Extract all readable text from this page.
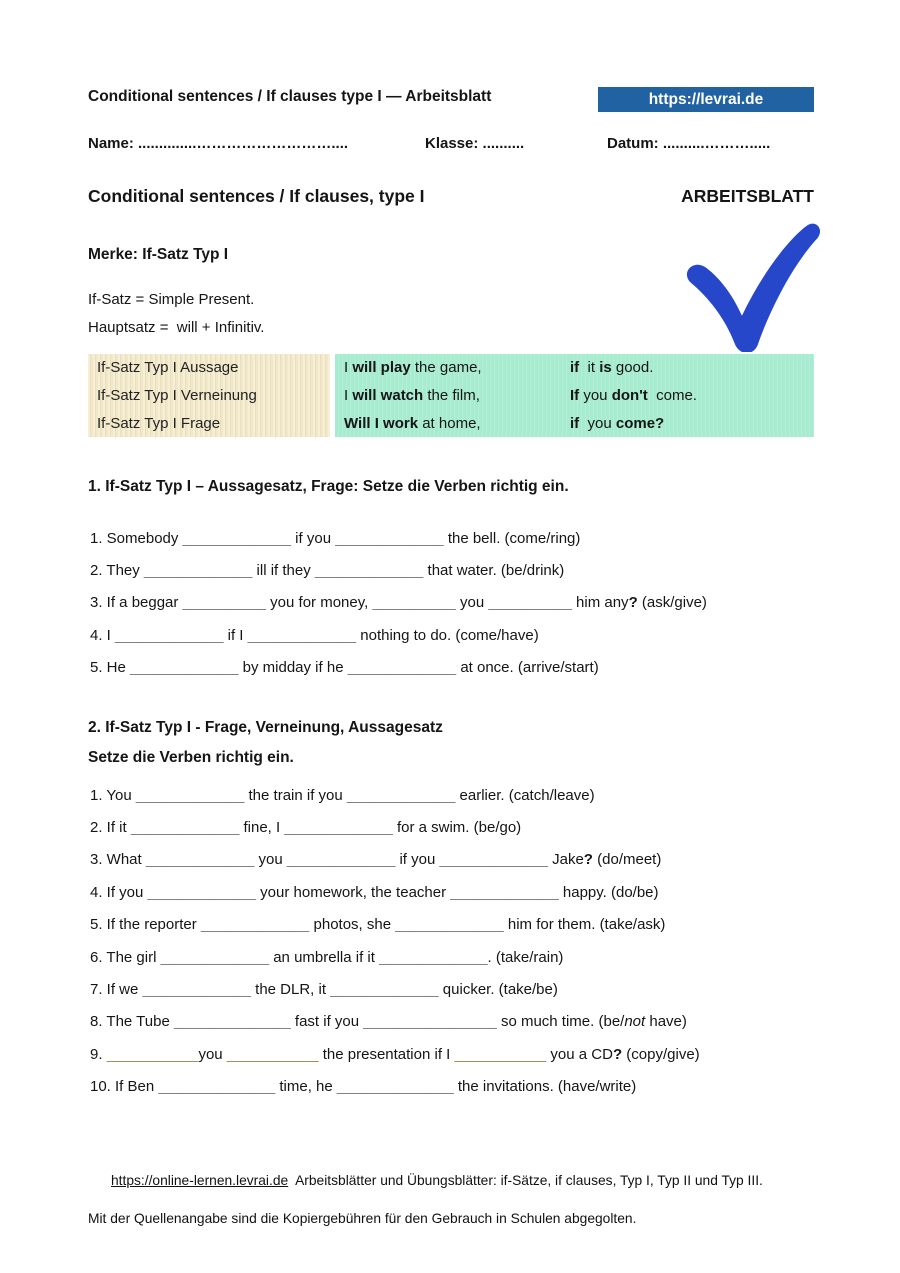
Conditional sentences / If clauses type I — Arbeitsblatt	https://levrai.de
Name: ..............………………………....	Klasse: ..........	Datum: ..........……….....
Conditional sentences / If clauses, type I	ARBEITSBLATT
Merke: If-Satz Typ I
If-Satz = Simple Present.
Hauptsatz =  will + Infinitiv.
If-Satz Typ I Aussage	I will play the game,	if it is good.
If-Satz Typ I Verneinung	I will watch the film,	If you don't come.
If-Satz Typ I Frage	Will I work at home,	if you come?
1. If-Satz Typ I – Aussagesatz, Frage: Setze die Verben richtig ein.
1. Somebody _____________ if you _____________ the bell. (come/ring)
2. They _____________ ill if they _____________ that water. (be/drink)
3. If a beggar __________ you for money, __________ you __________ him any ? (ask/give)
4. I _____________ if I _____________ nothing to do. (come/have)
5. He _____________ by midday if he _____________ at once. (arrive/start)
2. If-Satz Typ I - Frage, Verneinung, Aussagesatz
Setze die Verben richtig ein.
1. You _____________ the train if you _____________ earlier. (catch/leave)
2. If it _____________ fine, I _____________ for a swim. (be/go)
3. What _____________ you _____________ if you _____________ Jake ? (do/meet)
4. If you _____________ your homework, the teacher _____________ happy. (do/be)
5. If the reporter _____________ photos, she _____________ him for them. (take/ask)
6. The girl _____________ an umbrella if it _____________ . (take/rain)
7. If we _____________ the DLR, it _____________ quicker. (take/be)
8. The Tube ______________ fast if you ________________ so much time. (be/ not have)
9. ___________ you ___________ the presentation if I ___________ you a CD ? (copy/give)
10. If Ben ______________ time, he ______________ the invitations. (have/write)

https://online-lernen.levrai.de  Arbeitsblätter und Übungsblätter: if-Sätze, if clauses, Typ I, Typ II und Typ III.

Mit der Quellenangabe sind die Kopiergebühren für den Gebrauch in Schulen abgegolten.
